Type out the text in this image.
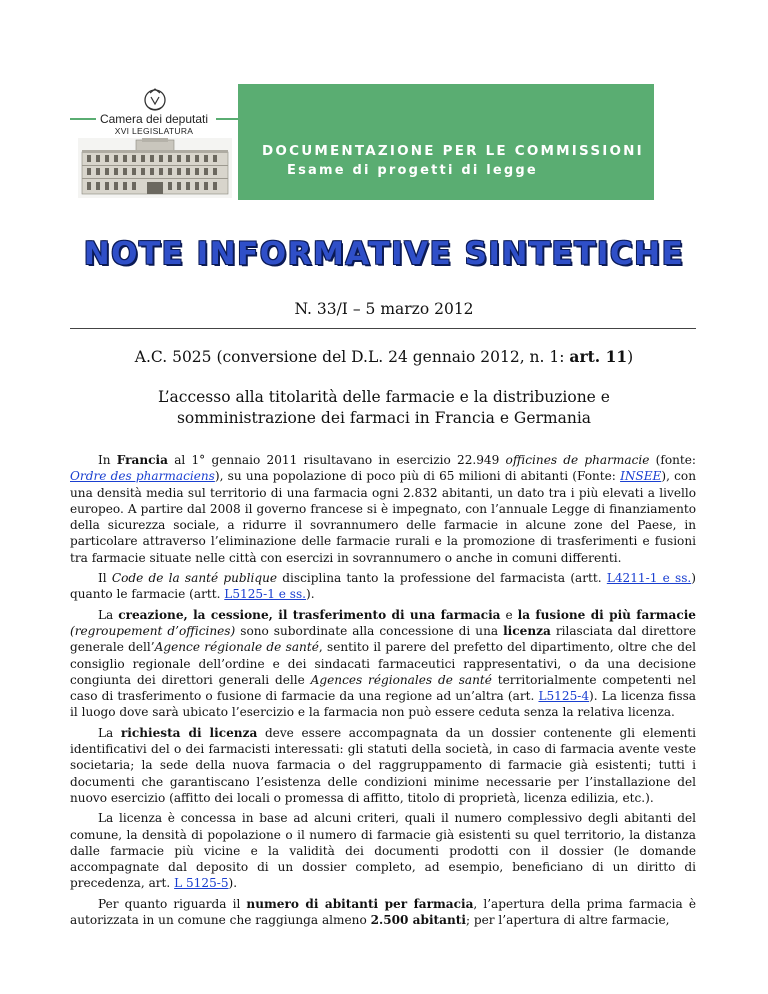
Camera dei deputati
XVI LEGISLATURA
DOCUMENTAZIONE PER LE COMMISSIONI
Esame di progetti di legge
NOTE INFORMATIVE SINTETICHE
N. 33/I – 5 marzo 2012
A.C. 5025 (conversione del D.L. 24 gennaio 2012, n. 1: art. 11)
L’accesso alla titolarità delle farmacie e la distribuzione e somministrazione dei farmaci in Francia e Germania

In Francia al 1° gennaio 2011 risultavano in esercizio 22.949 officines de pharmacie (fonte: Ordre des pharmaciens), su una popolazione di poco più di 65 milioni di abitanti (Fonte: INSEE), con una densità media sul territorio di una farmacia ogni 2.832 abitanti, un dato tra i più elevati a livello europeo. A partire dal 2008 il governo francese si è impegnato, con l’annuale Legge di finanziamento della sicurezza sociale, a ridurre il sovrannumero delle farmacie in alcune zone del Paese, in particolare attraverso l’eliminazione delle farmacie rurali e la promozione di trasferimenti e fusioni tra farmacie situate nelle città con esercizi in sovrannumero o anche in comuni differenti.

Il Code de la santé publique disciplina tanto la professione del farmacista (artt. L4211-1 e ss.) quanto le farmacie (artt. L5125-1 e ss.).

La creazione, la cessione, il trasferimento di una farmacia e la fusione di più farmacie (regroupement d’officines) sono subordinate alla concessione di una licenza rilasciata dal direttore generale dell’Agence régionale de santé, sentito il parere del prefetto del dipartimento, oltre che del consiglio regionale dell’ordine e dei sindacati farmaceutici rappresentativi, o da una decisione congiunta dei direttori generali delle Agences régionales de santé territorialmente competenti nel caso di trasferimento o fusione di farmacie da una regione ad un’altra (art. L5125-4). La licenza fissa il luogo dove sarà ubicato l’esercizio e la farmacia non può essere ceduta senza la relativa licenza.

La richiesta di licenza deve essere accompagnata da un dossier contenente gli elementi identificativi del o dei farmacisti interessati: gli statuti della società, in caso di farmacia avente veste societaria; la sede della nuova farmacia o del raggruppamento di farmacie già esistenti; tutti i documenti che garantiscano l’esistenza delle condizioni minime necessarie per l’installazione del nuovo esercizio (affitto dei locali o promessa di affitto, titolo di proprietà, licenza edilizia, etc.).

La licenza è concessa in base ad alcuni criteri, quali il numero complessivo degli abitanti del comune, la densità di popolazione o il numero di farmacie già esistenti su quel territorio, la distanza dalle farmacie più vicine e la validità dei documenti prodotti con il dossier (le domande accompagnate dal deposito di un dossier completo, ad esempio, beneficiano di un diritto di precedenza, art. L 5125-5).

Per quanto riguarda il numero di abitanti per farmacia, l’apertura della prima farmacia è autorizzata in un comune che raggiunga almeno 2.500 abitanti; per l’apertura di altre farmacie,
